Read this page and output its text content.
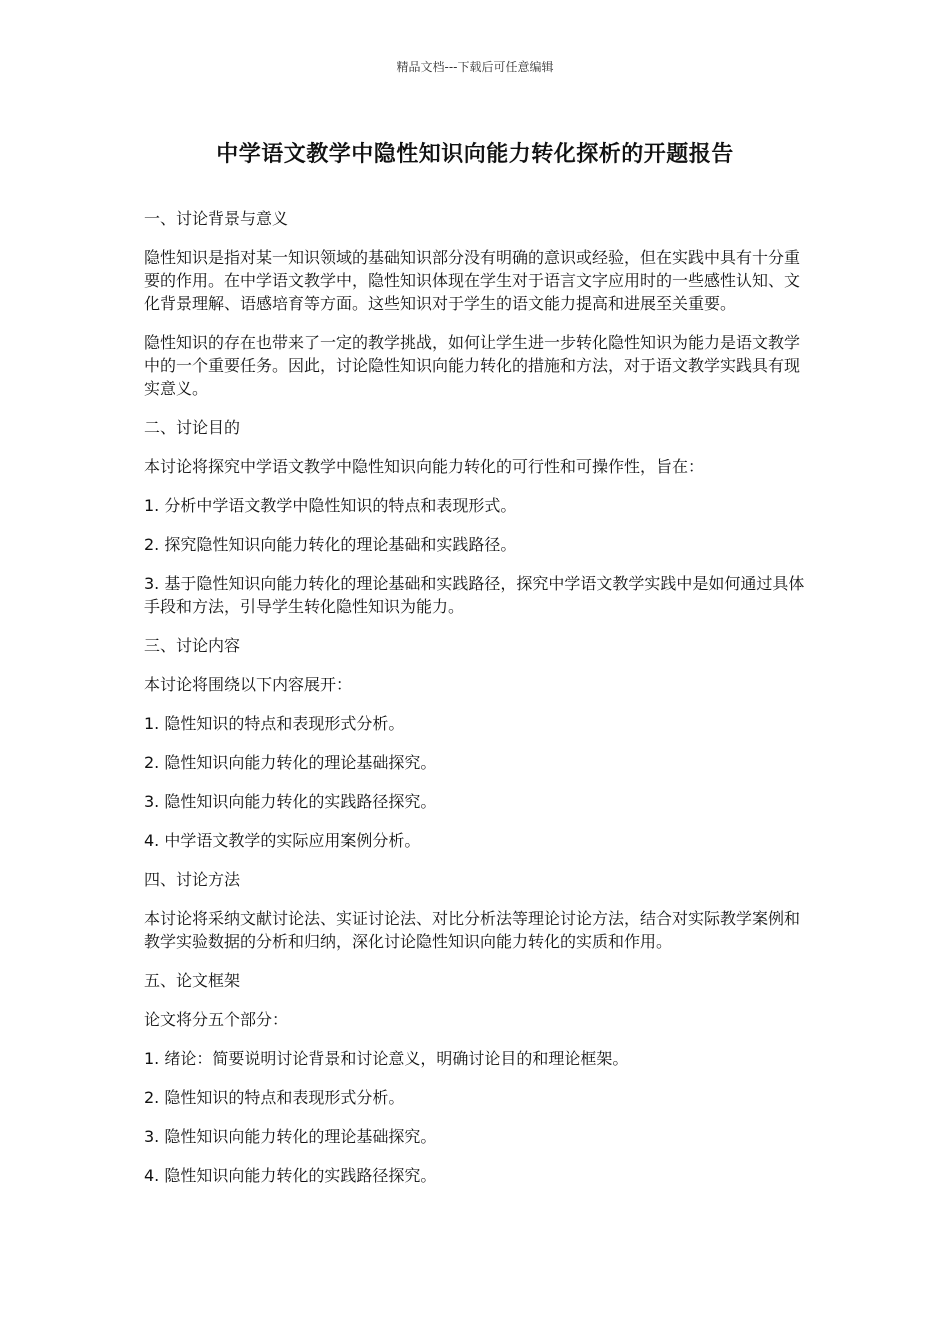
精品文档---下载后可任意编辑

中学语文教学中隐性知识向能力转化探析的开题报告

一、讨论背景与意义

隐性知识是指对某一知识领域的基础知识部分没有明确的意识或经验，但在实践中具有十分重要的作用。在中学语文教学中，隐性知识体现在学生对于语言文字应用时的一些感性认知、文化背景理解、语感培育等方面。这些知识对于学生的语文能力提高和进展至关重要。

隐性知识的存在也带来了一定的教学挑战，如何让学生进一步转化隐性知识为能力是语文教学中的一个重要任务。因此，讨论隐性知识向能力转化的措施和方法，对于语文教学实践具有现实意义。

二、讨论目的

本讨论将探究中学语文教学中隐性知识向能力转化的可行性和可操作性，旨在：

1. 分析中学语文教学中隐性知识的特点和表现形式。

2. 探究隐性知识向能力转化的理论基础和实践路径。

3. 基于隐性知识向能力转化的理论基础和实践路径，探究中学语文教学实践中是如何通过具体手段和方法，引导学生转化隐性知识为能力。

三、讨论内容

本讨论将围绕以下内容展开：

1. 隐性知识的特点和表现形式分析。

2. 隐性知识向能力转化的理论基础探究。

3. 隐性知识向能力转化的实践路径探究。

4. 中学语文教学的实际应用案例分析。

四、讨论方法

本讨论将采纳文献讨论法、实证讨论法、对比分析法等理论讨论方法，结合对实际教学案例和教学实验数据的分析和归纳，深化讨论隐性知识向能力转化的实质和作用。

五、论文框架

论文将分五个部分：

1. 绪论：简要说明讨论背景和讨论意义，明确讨论目的和理论框架。

2. 隐性知识的特点和表现形式分析。

3. 隐性知识向能力转化的理论基础探究。

4. 隐性知识向能力转化的实践路径探究。
